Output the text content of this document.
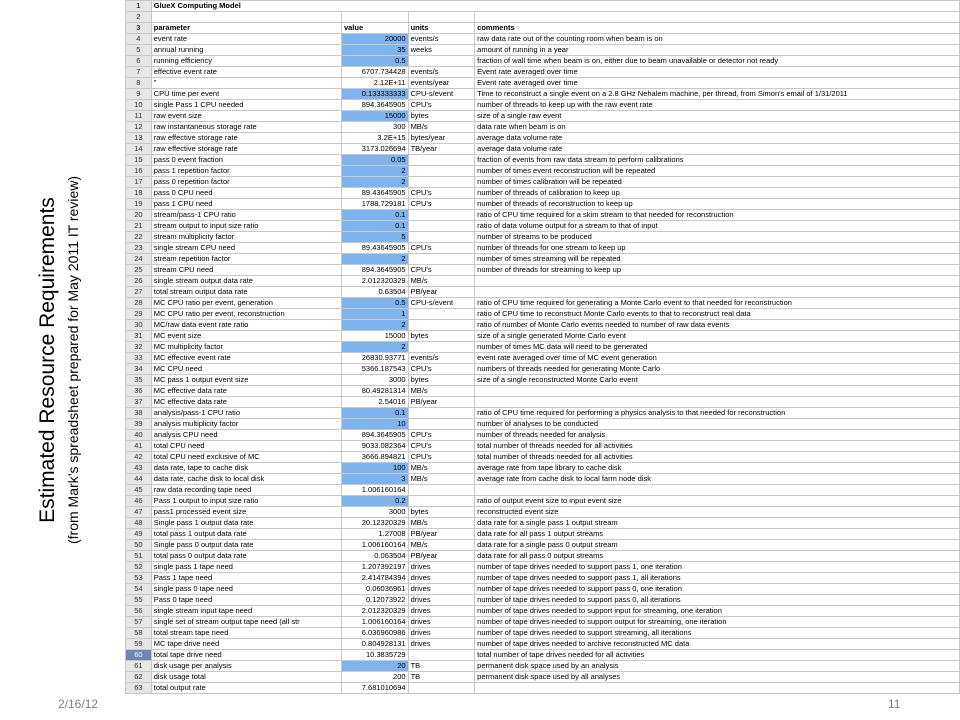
Estimated Resource Requirements (from Mark’s spreadsheet prepared for May 2011 IT review)
1	GlueX Computing Model			
2				
3	parameter	value	units	comments
4	event rate	20000	events/s	raw data rate out of the counting room when beam is on
5	annual running	35	weeks	amount of running in a year
6	running efficiency	0.5		fraction of wall time when beam is on, either due to beam unavailable or detector not ready
7	effective event rate	6707.734428	events/s	Event rate averaged over time
8	"	2.12E+11	events/year	Event rate averaged over time
9	CPU time per event	0.133333333	CPU-s/event	Time to reconstruct a single event on a 2.8 GHz Nehalem machine, per thread, from Simon's email of 1/31/2011
10	single Pass 1 CPU needed	894.3645905	CPU's	number of threads to keep up with the raw event rate
11	raw event size	15000	bytes	size of a single raw event
12	raw instantaneous storage rate	300	MB/s	data rate when beam is on
13	raw effective storage rate	3.2E+15	bytes/year	average data volume rate
14	raw effective storage rate	3173.026694	TB/year	average data volume rate
15	pass 0 event fraction	0.05		fraction of events from raw data stream to perform calibrations
16	pass 1 repetition factor	2		number of times event reconstruction will be repeated
17	pass 0 repetition factor	2		number of times calibration will be repeated
18	pass 0 CPU need	89.43645905	CPU's	number of threads of calibration to keep up
19	pass 1 CPU need	1788.729181	CPU's	number of threads of reconstruction to keep up
20	stream/pass-1 CPU ratio	0.1		ratio of CPU time required for a skim stream to that needed for reconstruction
21	stream output to input size ratio	0.1		ratio of data volume output for a stream to that of input
22	stream multiplicity factor	5		number of streams to be produced
23	single stream CPU need	89.43645905	CPU's	number of threads for one stream to keep up
24	stream repetition factor	2		number of times streaming will be repeated
25	stream CPU need	894.3645905	CPU's	number of threads for streaming to keep up
26	single stream output data rate	2.012320329	MB/s	
27	total stream output data rate	0.63504	PB/year	
28	MC CPU ratio per event, generation	0.5	CPU-s/event	ratio of CPU time required for generating a Monte Carlo event to that needed for reconstruction
29	MC CPU ratio per event, reconstruction	1		ratio of CPU time to reconstruct Monte Carlo events to that to reconstruct real data
30	MC/raw data event rate ratio	2		ratio of number of Monte Carlo events needed to number of raw data events
31	MC event size	15000	bytes	size of a single generated Monte Carlo event
32	MC multiplicity factor	2		number of times MC data will need to be generated
33	MC effective event rate	26830.93771	events/s	event rate averaged over time of MC event generation
34	MC CPU need	5366.187543	CPU's	numbers of threads needed for generating Monte Carlo
35	MC pass 1 output event size	3000	bytes	size of a single reconstructed Monte Carlo event
36	MC effective data rate	80.49281314	MB/s	
37	MC effective data rate	2.54016	PB/year	
38	analysis/pass-1 CPU ratio	0.1		ratio of CPU time required for performing a physics analysis to that needed for reconstruction
39	analysis multiplicity factor	10		number of analyses to be conducted
40	analysis CPU need	894.3645905	CPU's	number of threads needed for analysis
41	total CPU need	9033.082364	CPU's	total number of threads needed for all activities
42	total CPU need exclusive of MC	3666.894821	CPU's	total number of threads needed for all activities
43	data rate, tape to cache disk	100	MB/s	average rate from tape library to cache disk
44	data rate, cache disk to local disk	3	MB/s	average rate from cache disk to local farm node disk
45	raw data recording tape need	1.006160164		
46	Pass 1 output to input size ratio	0.2		ratio of output event size to input event size
47	pass1 processed event size	3000	bytes	reconstructed event size
48	Single pass 1 output data rate	20.12320329	MB/s	data rate for a single pass 1 output stream
49	total pass 1 output data rate	1.27008	PB/year	data rate for all pass 1 output streams
50	Single pass 0 output data rate	1.006160164	MB/s	data rate for a single pass 0 output stream
51	total pass 0 output data rate	0.063504	PB/year	data rate for all pass 0 output streams
52	single pass 1 tape need	1.207392197	drives	number of tape drives needed to support pass 1, one iteration
53	Pass 1 tape need	2.414784394	drives	number of tape drives needed to support pass 1, all iterations
54	single pass 0 tape need	0.06036961	drives	number of tape drives needed to support pass 0, one iteration
55	Pass 0 tape need	0.12073922	drives	number of tape drives needed to support pass 0, all iterations
56	single stream input tape need	2.012320329	drives	number of tape drives needed to support input for streaming, one iteration
57	single set of stream output tape need (all str	1.006160164	drives	number of tape drives needed to support output for streaming, one iteration
58	total stream tape need	6.036960986	drives	number of tape drives needed to support streaming, all iterations
59	MC tape drive need	0.804928131	drives	number of tape drives needed to archive reconstructed MC data
60	total tape drive need	10.3835729		total number of tape drives needed for all activities
61	disk usage per analysis	20	TB	permanent disk space used by an analysis
62	disk usage total	200	TB	permanent disk space used by all analyses
63	total output rate	7.681010694		
2/16/12	11
